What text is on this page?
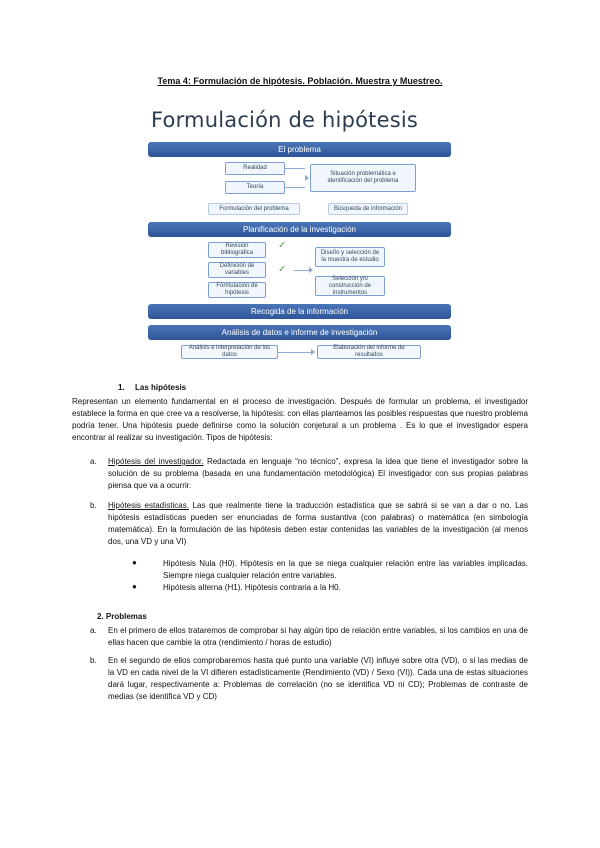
Tema 4: Formulación de hipótesis. Población. Muestra y Muestreo.
Formulación de hipótesis
El problema
Realidad
Teoría
Situación problemática e identificación del problema
Formulación del problema	Búsqueda de información
Planificación de la investigación
Revisión bibliográfica
✓
Definición de variables	✓
Formulación de hipótesis
Diseño y selección de la muestra de estudio
Selección y/o construcción de instrumentos
Recogida de la información
Análisis de datos e informe de investigación
Análisis e interpretación de los datos
Elaboración del informe de resultados
1. Las hipótesis
Representan un elemento fundamental en el proceso de investigación. Después de formular un problema, el investigador establece la forma en que cree va a resolverse, la hipótesis: con ellas planteamos las posibles respuestas que nuestro problema podría tener. Una hipótesis puede definirse como la solución conjetural a un problema . Es lo que el investigador espera encontrar al realizar su investigación. Tipos de hipótesis:
a. Hipótesis del investigador. Redactada en lenguaje “no técnico”, expresa la idea que tiene el investigador sobre la solución de su problema (basada en una fundamentación metodológica) El investigador con sus propias palabras piensa que va a ocurrir.
b. Hipótesis estadísticas. Las que realmente tiene la traducción estadística que se sabrá si se van a dar o no. Las hipótesis estadísticas pueden ser enunciadas de forma sustantiva (con palabras) o matemática (en simbología matemática). En la formulación de las hipótesis deben estar contenidas las variables de la investigación (al menos dos, una VD y una VI)
●	Hipótesis Nula (H0). Hipótesis en la que se niega cualquier relación entre las variables implicadas. Siempre niega cualquier relación entre variables.
●	Hipótesis alterna (H1). Hipótesis contraria a la H0.
2. Problemas
a. En el primero de ellos trataremos de comprobar si hay algún tipo de relación entre variables, si los cambios en una de ellas hacen que cambie la otra (rendimiento / horas de estudio)
b. En el segundo de ellos comprobaremos hasta qué punto una variable (VI) influye sobre otra (VD), o si las medias de la VD en cada nivel de la VI difieren estadísticamente (Rendimiento (VD) / Sexo (VI)). Cada una de estas situaciones dará lugar, respectivamente a: Problemas de correlación (no se identifica VD ni CD); Problemas de contraste de medias (se identifica VD y CD)
